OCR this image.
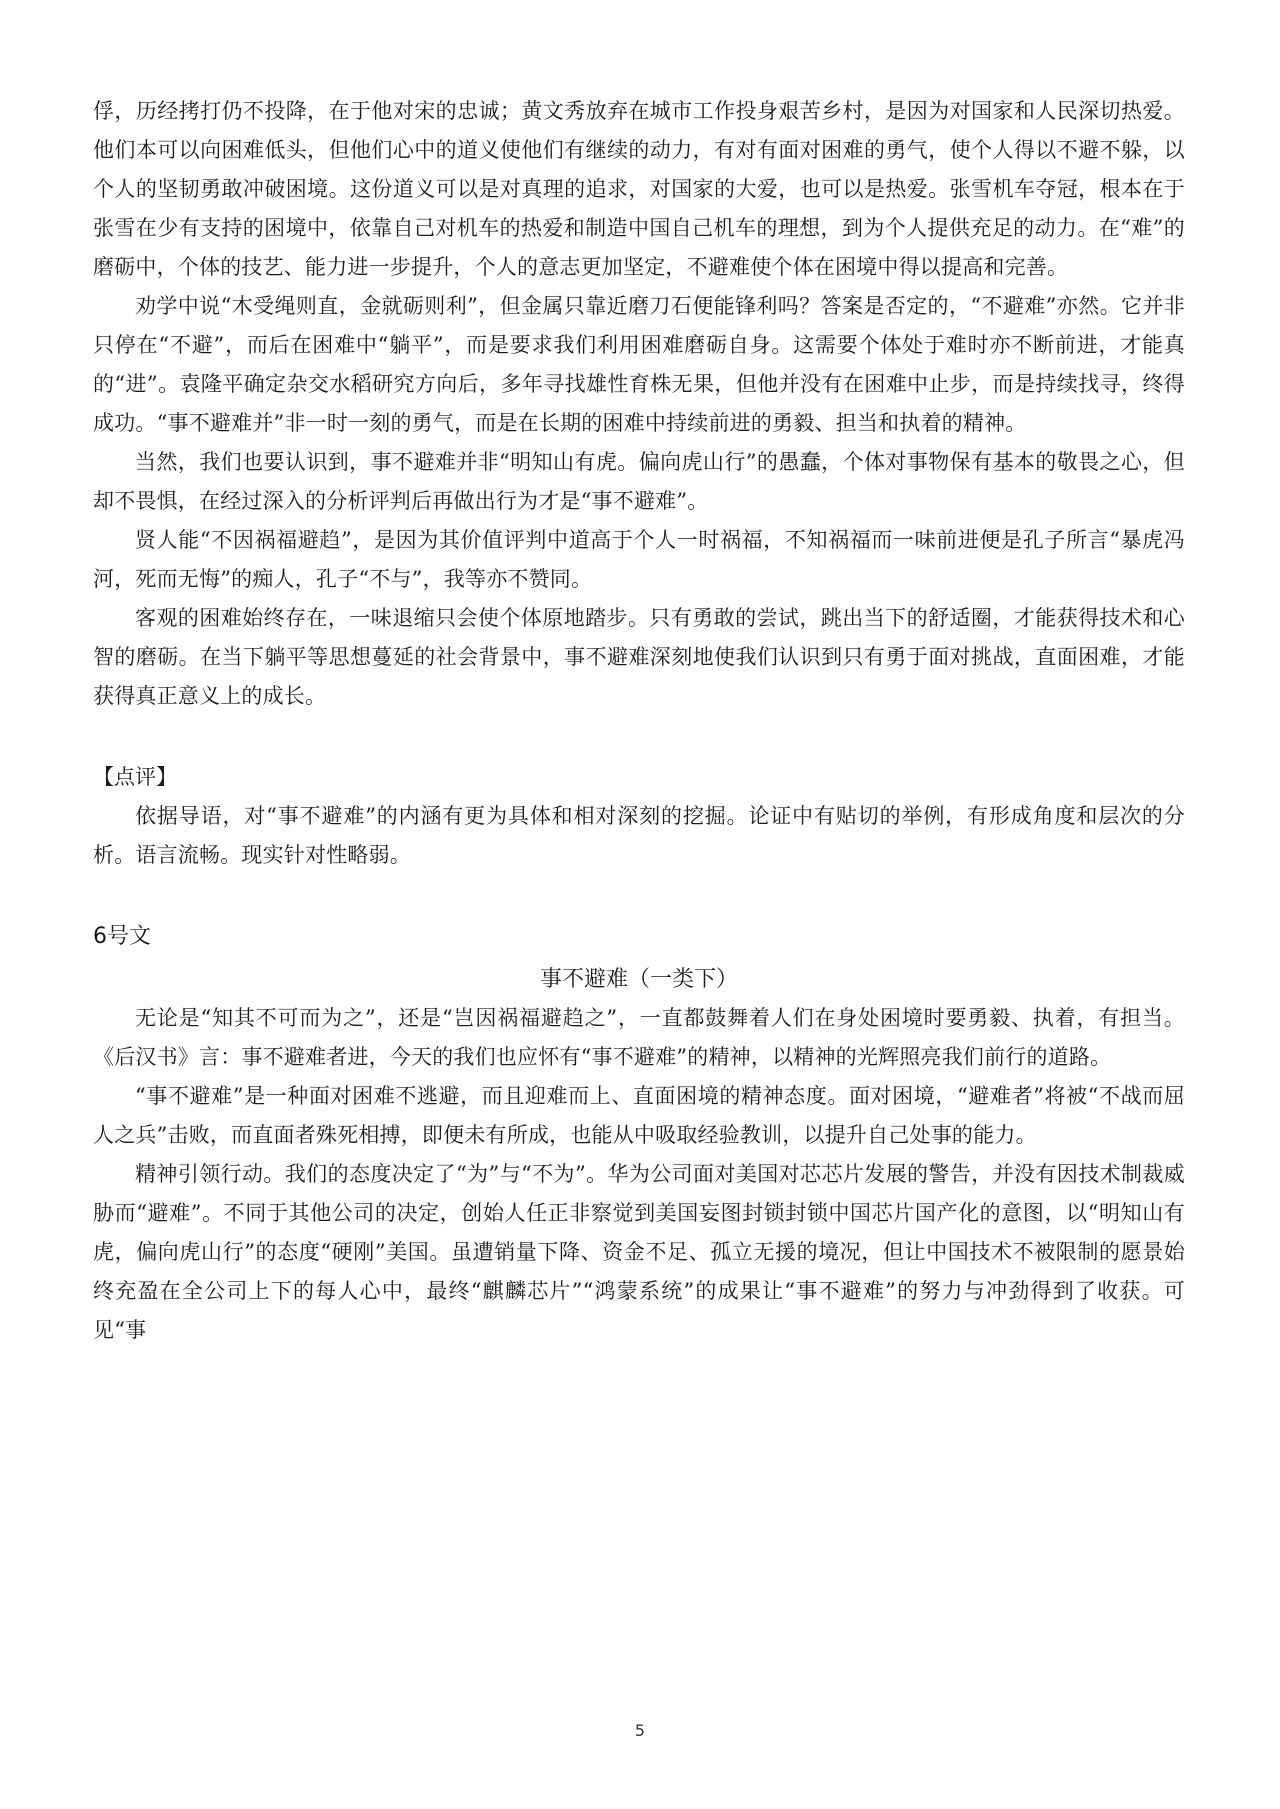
俘，历经拷打仍不投降，在于他对宋的忠诚；黄文秀放弃在城市工作投身艰苦乡村，是因为对国家和人民深切热爱。他们本可以向困难低头，但他们心中的道义使他们有继续的动力，有对有面对困难的勇气，使个人得以不避不躲，以个人的坚韧勇敢冲破困境。这份道义可以是对真理的追求，对国家的大爱，也可以是热爱。张雪机车夺冠，根本在于张雪在少有支持的困境中，依靠自己对机车的热爱和制造中国自己机车的理想，到为个人提供充足的动力。在“难”的磨砺中，个体的技艺、能力进一步提升，个人的意志更加坚定，不避难使个体在困境中得以提高和完善。

劝学中说“木受绳则直，金就砺则利”，但金属只靠近磨刀石便能锋利吗？答案是否定的，“不避难”亦然。它并非只停在“不避”，而后在困难中“躺平”，而是要求我们利用困难磨砺自身。这需要个体处于难时亦不断前进，才能真的“进”。袁隆平确定杂交水稻研究方向后，多年寻找雄性育株无果，但他并没有在困难中止步，而是持续找寻，终得成功。“事不避难并”非一时一刻的勇气，而是在长期的困难中持续前进的勇毅、担当和执着的精神。

当然，我们也要认识到，事不避难并非“明知山有虎。偏向虎山行”的愚蠢，个体对事物保有基本的敬畏之心，但却不畏惧，在经过深入的分析评判后再做出行为才是“事不避难”。

贤人能“不因祸福避趋”，是因为其价值评判中道高于个人一时祸福，不知祸福而一味前进便是孔子所言“暴虎冯河，死而无悔”的痴人，孔子“不与”，我等亦不赞同。

客观的困难始终存在，一味退缩只会使个体原地踏步。只有勇敢的尝试，跳出当下的舒适圈，才能获得技术和心智的磨砺。在当下躺平等思想蔓延的社会背景中，事不避难深刻地使我们认识到只有勇于面对挑战，直面困难，才能获得真正意义上的成长。

【点评】

依据导语，对“事不避难”的内涵有更为具体和相对深刻的挖掘。论证中有贴切的举例，有形成角度和层次的分析。语言流畅。现实针对性略弱。

6号文

事不避难（一类下）

无论是“知其不可而为之”，还是“岂因祸福避趋之”，一直都鼓舞着人们在身处困境时要勇毅、执着，有担当。《后汉书》言：事不避难者进，今天的我们也应怀有“事不避难”的精神，以精神的光辉照亮我们前行的道路。

“事不避难”是一种面对困难不逃避，而且迎难而上、直面困境的精神态度。面对困境，“避难者”将被“不战而屈人之兵”击败，而直面者殊死相搏，即便未有所成，也能从中吸取经验教训，以提升自己处事的能力。

精神引领行动。我们的态度决定了“为”与“不为”。华为公司面对美国对芯芯片发展的警告，并没有因技术制裁威胁而“避难”。不同于其他公司的决定，创始人任正非察觉到美国妄图封锁封锁中国芯片国产化的意图，以“明知山有虎，偏向虎山行”的态度“硬刚”美国。虽遭销量下降、资金不足、孤立无援的境况，但让中国技术不被限制的愿景始终充盈在全公司上下的每人心中，最终“麒麟芯片”“鸿蒙系统”的成果让“事不避难”的努力与冲劲得到了收获。可见“事

5
